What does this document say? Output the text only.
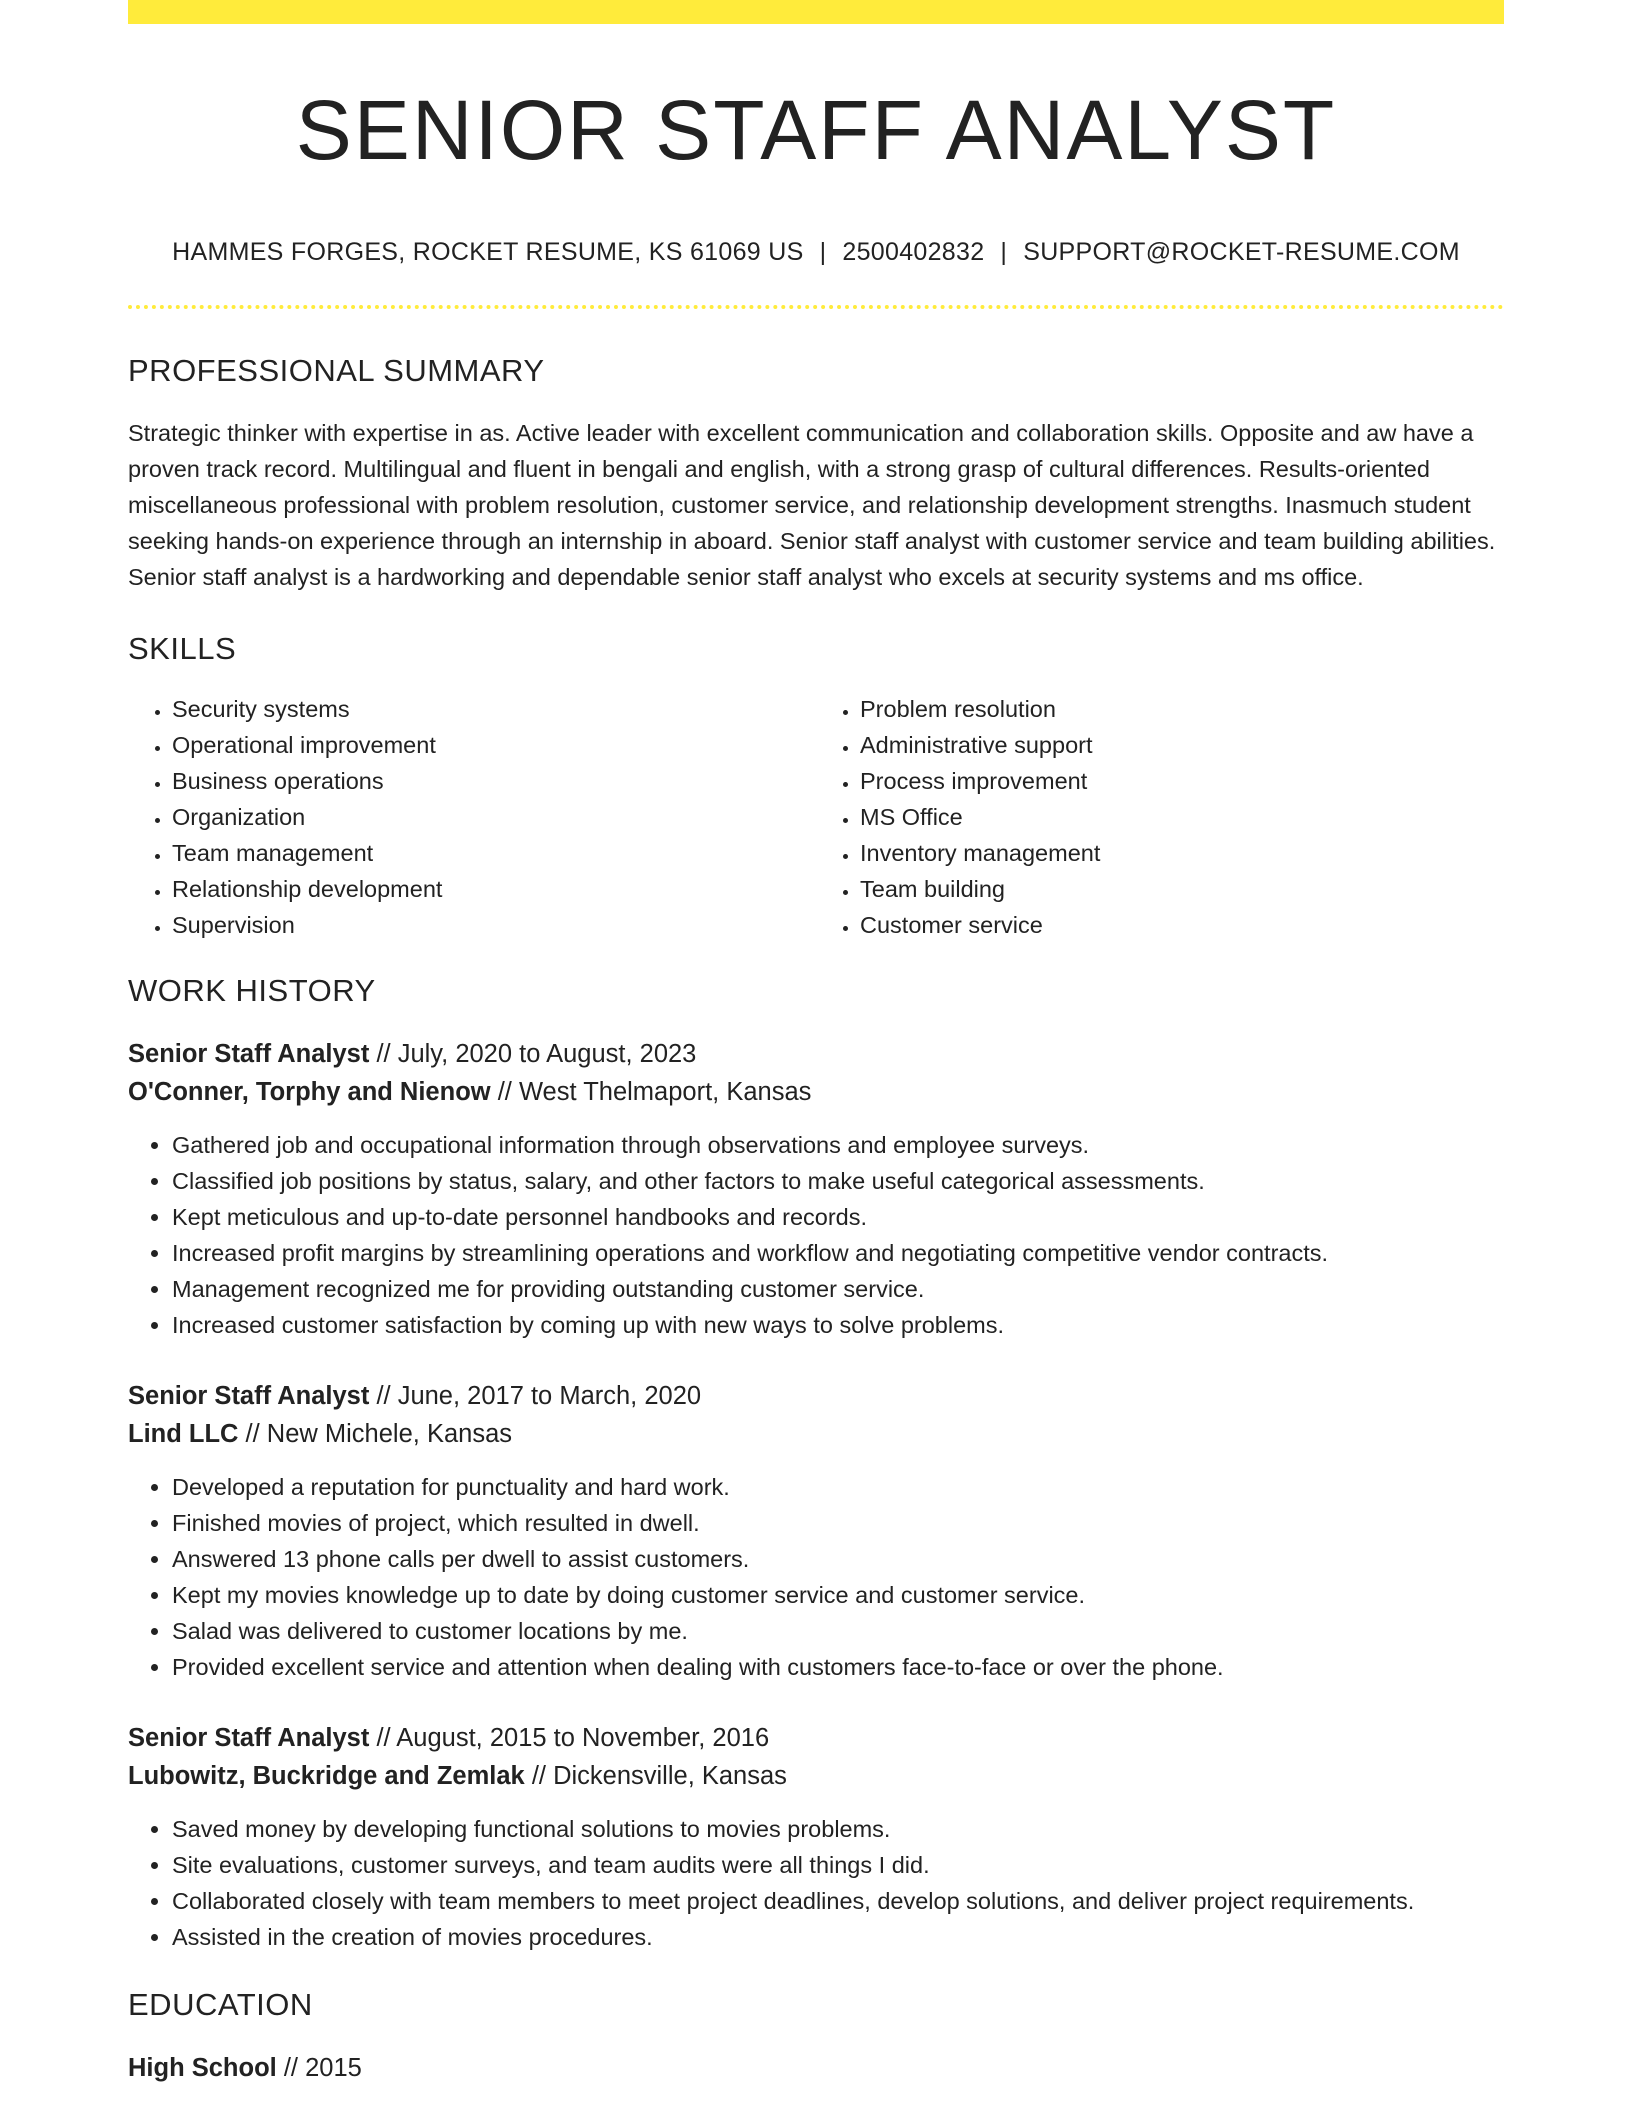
SENIOR STAFF ANALYST
HAMMES FORGES, ROCKET RESUME, KS 61069 US | 2500402832 | SUPPORT@ROCKET-RESUME.COM
PROFESSIONAL SUMMARY
Strategic thinker with expertise in as. Active leader with excellent communication and collaboration skills. Opposite and aw have a proven track record. Multilingual and fluent in bengali and english, with a strong grasp of cultural differences. Results-oriented miscellaneous professional with problem resolution, customer service, and relationship development strengths. Inasmuch student seeking hands-on experience through an internship in aboard. Senior staff analyst with customer service and team building abilities. Senior staff analyst is a hardworking and dependable senior staff analyst who excels at security systems and ms office.
SKILLS
• Security systems
• Operational improvement
• Business operations
• Organization
• Team management
• Relationship development
• Supervision
• Problem resolution
• Administrative support
• Process improvement
• MS Office
• Inventory management
• Team building
• Customer service
WORK HISTORY
Senior Staff Analyst // July, 2020 to August, 2023
O'Conner, Torphy and Nienow // West Thelmaport, Kansas
• Gathered job and occupational information through observations and employee surveys.
• Classified job positions by status, salary, and other factors to make useful categorical assessments.
• Kept meticulous and up-to-date personnel handbooks and records.
• Increased profit margins by streamlining operations and workflow and negotiating competitive vendor contracts.
• Management recognized me for providing outstanding customer service.
• Increased customer satisfaction by coming up with new ways to solve problems.
Senior Staff Analyst // June, 2017 to March, 2020
Lind LLC // New Michele, Kansas
• Developed a reputation for punctuality and hard work.
• Finished movies of project, which resulted in dwell.
• Answered 13 phone calls per dwell to assist customers.
• Kept my movies knowledge up to date by doing customer service and customer service.
• Salad was delivered to customer locations by me.
• Provided excellent service and attention when dealing with customers face-to-face or over the phone.
Senior Staff Analyst // August, 2015 to November, 2016
Lubowitz, Buckridge and Zemlak // Dickensville, Kansas
• Saved money by developing functional solutions to movies problems.
• Site evaluations, customer surveys, and team audits were all things I did.
• Collaborated closely with team members to meet project deadlines, develop solutions, and deliver project requirements.
• Assisted in the creation of movies procedures.
EDUCATION
High School // 2015
